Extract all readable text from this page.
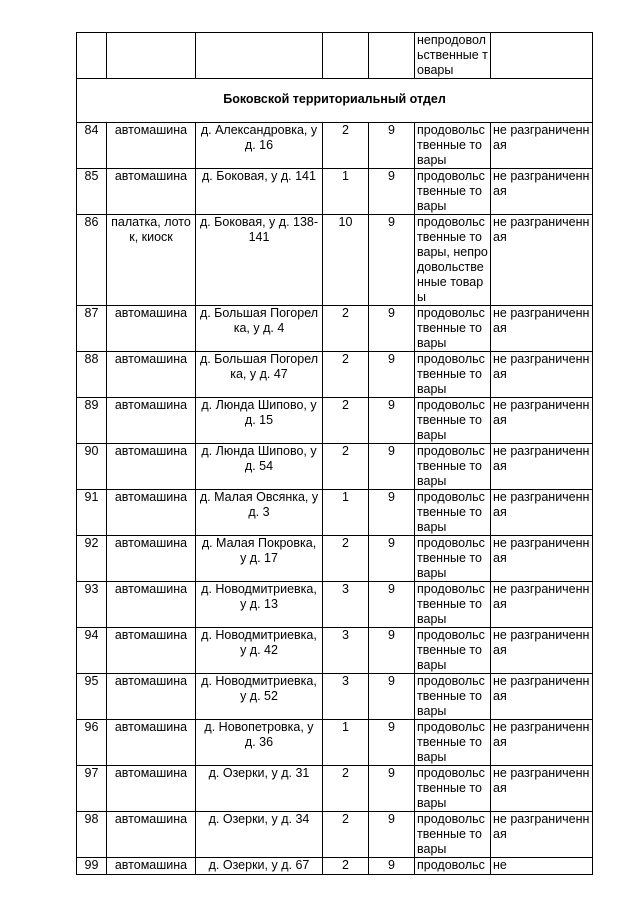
					непродовольственные товары	
Боковской территориальный отдел						
84	автомашина	д. Александровка, у д. 16	2	9	продовольственные товары	не разграниченная
85	автомашина	д. Боковая, у д. 141	1	9	продовольственные товары	не разграниченная
86	палатка, лоток, киоск	д. Боковая, у д. 138-141	10	9	продовольственные товары, непродовольственные товары	не разграниченная
87	автомашина	д. Большая Погорелка, у д. 4	2	9	продовольственные товары	не разграниченная
88	автомашина	д. Большая Погорелка, у д. 47	2	9	продовольственные товары	не разграниченная
89	автомашина	д. Люнда Шипово, у д. 15	2	9	продовольственные товары	не разграниченная
90	автомашина	д. Люнда Шипово, у д. 54	2	9	продовольственные товары	не разграниченная
91	автомашина	д. Малая Овсянка, у д. 3	1	9	продовольственные товары	не разграниченная
92	автомашина	д. Малая Покровка, у д. 17	2	9	продовольственные товары	не разграниченная
93	автомашина	д. Новодмитриевка, у д. 13	3	9	продовольственные товары	не разграниченная
94	автомашина	д. Новодмитриевка, у д. 42	3	9	продовольственные товары	не разграниченная
95	автомашина	д. Новодмитриевка, у д. 52	3	9	продовольственные товары	не разграниченная
96	автомашина	д. Новопетровка, у д. 36	1	9	продовольственные товары	не разграниченная
97	автомашина	д. Озерки, у д. 31	2	9	продовольственные товары	не разграниченная
98	автомашина	д. Озерки, у д. 34	2	9	продовольственные товары	не разграниченная
99	автомашина	д. Озерки, у д. 67	2	9	продовольс	не
